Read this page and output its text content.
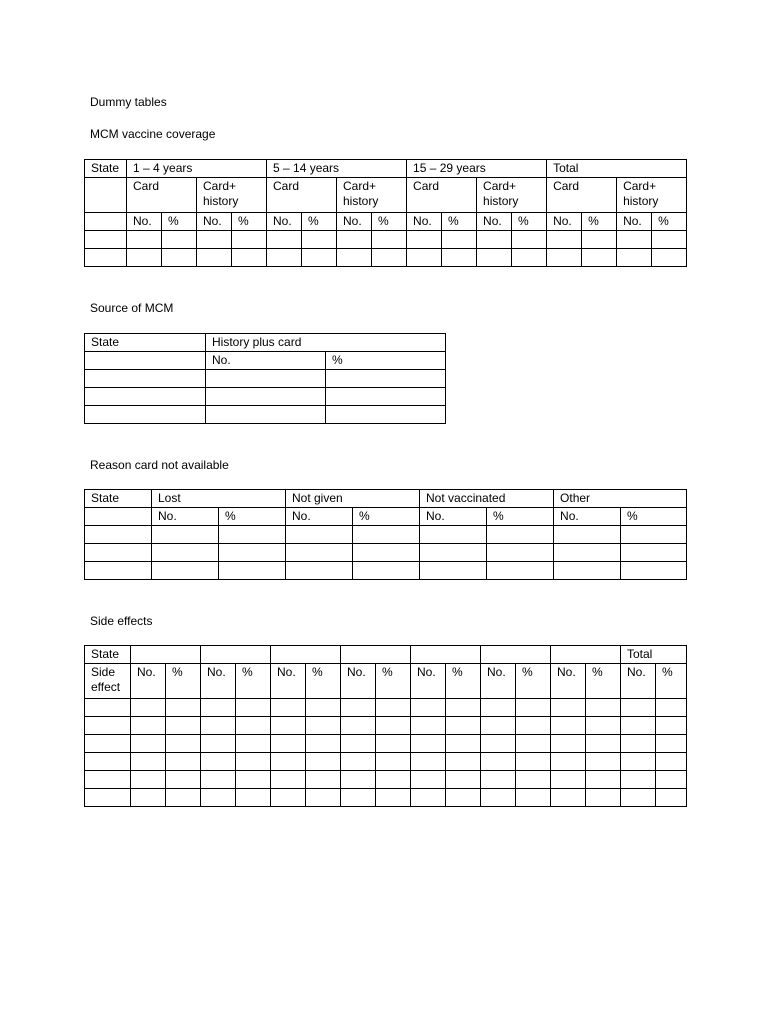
Dummy tables
MCM vaccine coverage
State	1 – 4 years				5 – 14 years				15 – 29 years				Total			
	Card		Card+ history		Card		Card+ history		Card		Card+ history		Card		Card+ history	
	No.	%	No.	%	No.	%	No.	%	No.	%	No.	%	No.	%	No.	%

Source of MCM
State	History plus card	
	No.	%

Reason card not available
State	Lost		Not given		Not vaccinated		Other	
	No.	%	No.	%	No.	%	No.	%

Side effects
State															Total	
Side effect	No.	%	No.	%	No.	%	No.	%	No.	%	No.	%	No.	%	No.	%
